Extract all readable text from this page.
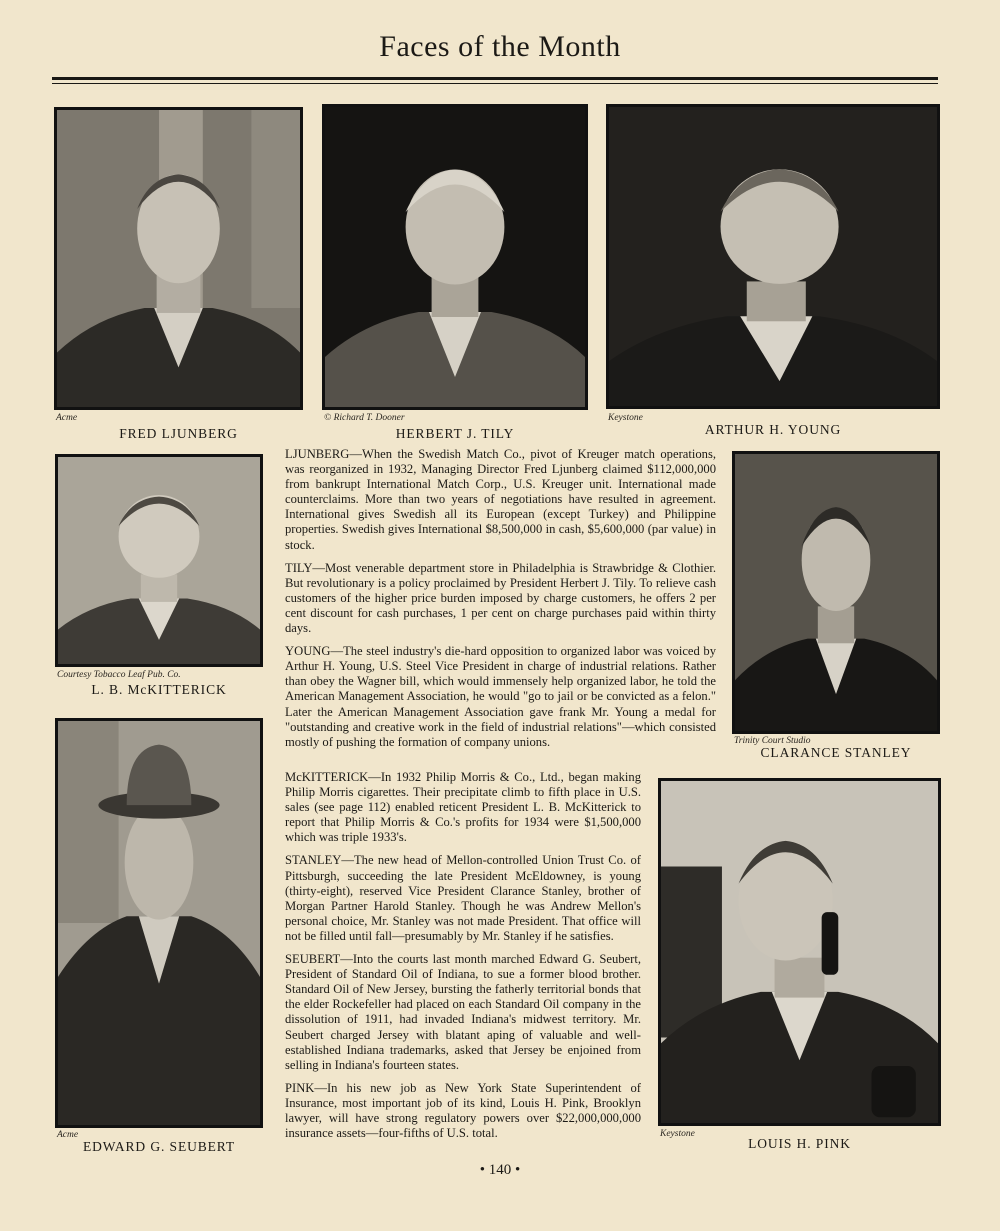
Faces of the Month
Acme	© Richard T. Dooner	Keystone
FRED LJUNBERG	HERBERT J. TILY	ARTHUR H. YOUNG
Courtesy Tobacco Leaf Pub. Co.
L. B. McKITTERICK
Trinity Court Studio
CLARANCE STANLEY
Acme
EDWARD G. SEUBERT
Keystone
LOUIS H. PINK

LJUNBERG—When the Swedish Match Co., pivot of Kreuger match operations, was reorganized in 1932, Managing Director Fred Ljunberg claimed $112,000,000 from bankrupt International Match Corp., U.S. Kreuger unit. International made counterclaims. More than two years of negotiations have resulted in agreement. International gives Swedish all its European (except Turkey) and Philippine properties. Swedish gives International $8,500,000 in cash, $5,600,000 (par value) in stock.

TILY—Most venerable department store in Philadelphia is Strawbridge & Clothier. But revolutionary is a policy proclaimed by President Herbert J. Tily. To relieve cash customers of the higher price burden imposed by charge customers, he offers 2 per cent discount for cash purchases, 1 per cent on charge purchases paid within thirty days.

YOUNG—The steel industry's die-hard opposition to organized labor was voiced by Arthur H. Young, U.S. Steel Vice President in charge of industrial relations. Rather than obey the Wagner bill, which would immensely help organized labor, he told the American Management Association, he would "go to jail or be convicted as a felon." Later the American Management Association gave frank Mr. Young a medal for "outstanding and creative work in the field of industrial relations"—which consisted mostly of pushing the formation of company unions.

McKITTERICK—In 1932 Philip Morris & Co., Ltd., began making Philip Morris cigarettes. Their precipitate climb to fifth place in U.S. sales (see page 112) enabled reticent President L. B. McKitterick to report that Philip Morris & Co.'s profits for 1934 were $1,500,000 which was triple 1933's.

STANLEY—The new head of Mellon-controlled Union Trust Co. of Pittsburgh, succeeding the late President McEldowney, is young (thirty-eight), reserved Vice President Clarance Stanley, brother of Morgan Partner Harold Stanley. Though he was Andrew Mellon's personal choice, Mr. Stanley was not made President. That office will not be filled until fall—presumably by Mr. Stanley if he satisfies.

SEUBERT—Into the courts last month marched Edward G. Seubert, President of Standard Oil of Indiana, to sue a former blood brother. Standard Oil of New Jersey, bursting the fatherly territorial bonds that the elder Rockefeller had placed on each Standard Oil company in the dissolution of 1911, had invaded Indiana's midwest territory. Mr. Seubert charged Jersey with blatant aping of valuable and well-established Indiana trademarks, asked that Jersey be enjoined from selling in Indiana's fourteen states.

PINK—In his new job as New York State Superintendent of Insurance, most important job of its kind, Louis H. Pink, Brooklyn lawyer, will have strong regulatory powers over $22,000,000,000 insurance assets—four-fifths of U.S. total.

• 140 •
